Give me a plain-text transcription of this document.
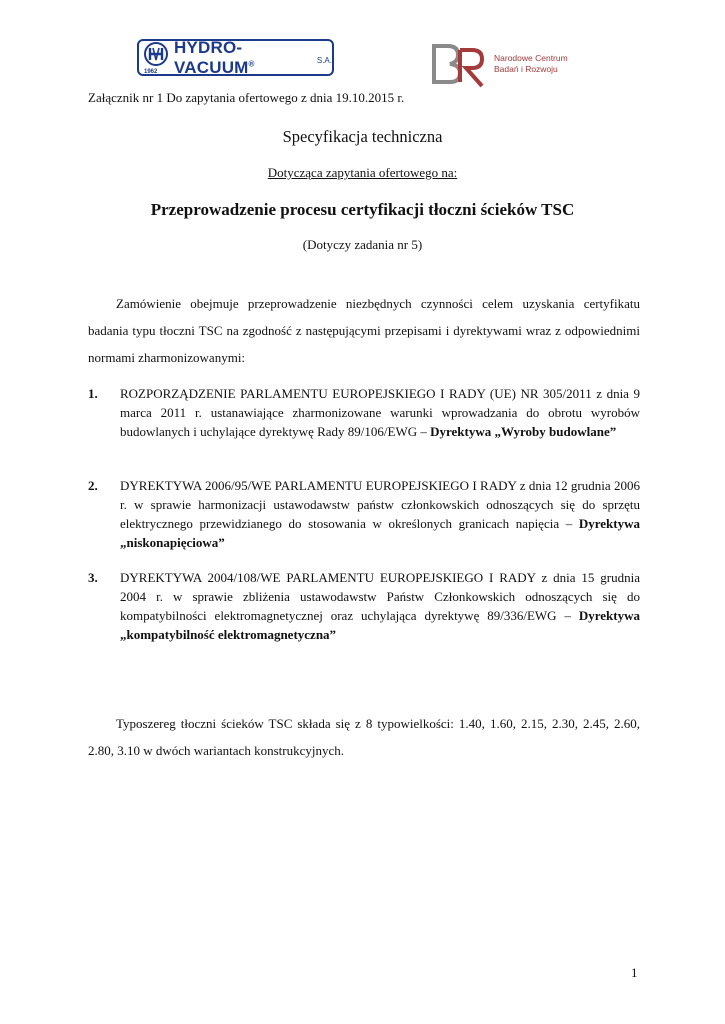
1962
HYDRO-VACUUM®	S.A.	Narodowe Centrum
Badań i Rozwoju
Załącznik nr 1 Do zapytania ofertowego z dnia 19.10.2015 r.
Specyfikacja techniczna
Dotycząca zapytania ofertowego na:
Przeprowadzenie procesu certyfikacji tłoczni ścieków TSC
(Dotyczy zadania nr 5)
Zamówienie obejmuje przeprowadzenie niezbędnych czynności celem uzyskania certyfikatu badania typu tłoczni TSC na zgodność z następującymi przepisami i dyrektywami wraz z odpowiednimi normami zharmonizowanymi:
1. ROZPORZĄDZENIE PARLAMENTU EUROPEJSKIEGO I RADY (UE) NR 305/2011 z dnia 9 marca 2011 r. ustanawiające zharmonizowane warunki wprowadzania do obrotu wyrobów budowlanych i uchylające dyrektywę Rady 89/106/EWG – Dyrektywa „Wyroby budowlane”
2. DYREKTYWA 2006/95/WE PARLAMENTU EUROPEJSKIEGO I RADY z dnia 12 grudnia 2006 r. w sprawie harmonizacji ustawodawstw państw członkowskich odnoszących się do sprzętu elektrycznego przewidzianego do stosowania w określonych granicach napięcia – Dyrektywa „niskonapięciowa”
3. DYREKTYWA 2004/108/WE PARLAMENTU EUROPEJSKIEGO I RADY z dnia 15 grudnia 2004 r. w sprawie zbliżenia ustawodawstw Państw Członkowskich odnoszących się do kompatybilności elektromagnetycznej oraz uchylająca dyrektywę 89/336/EWG – Dyrektywa „kompatybilność elektromagnetyczna”
Typoszereg tłoczni ścieków TSC składa się z 8 typowielkości: 1.40, 1.60, 2.15, 2.30, 2.45, 2.60, 2.80, 3.10 w dwóch wariantach konstrukcyjnych.
1
